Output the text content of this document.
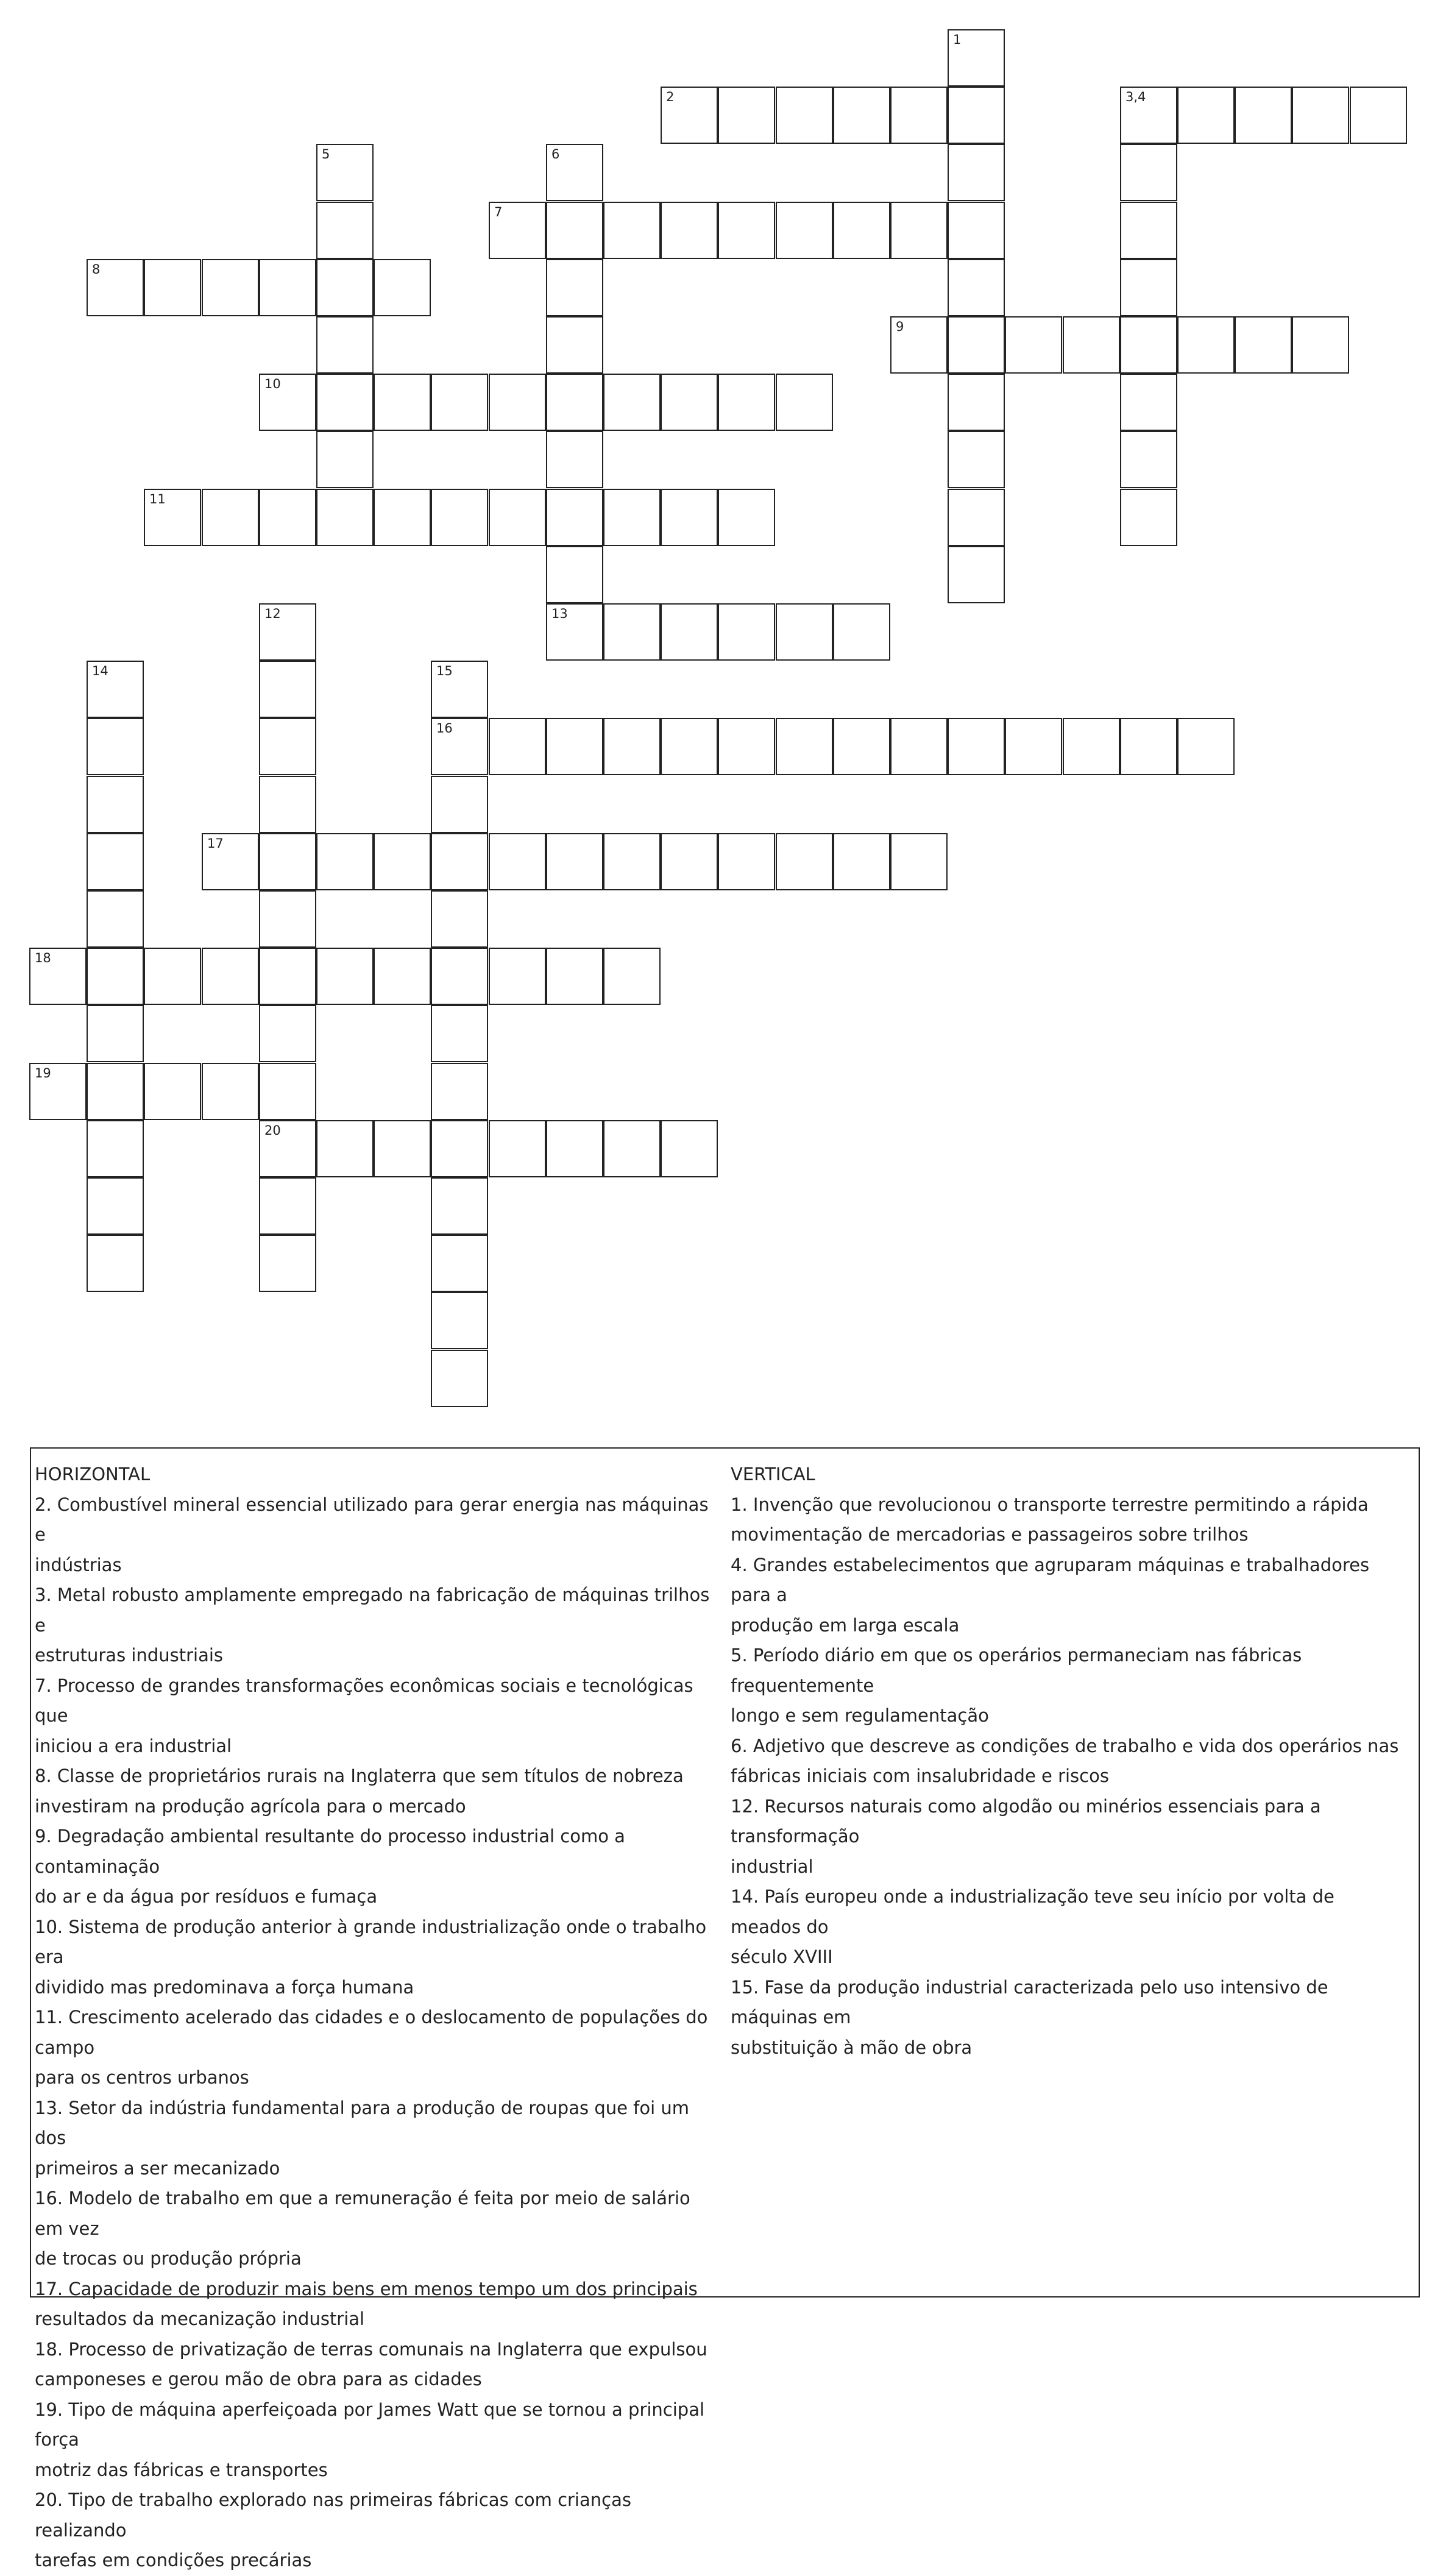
1
2	3,4
5	6
13
7
8
9
10
11
12
20
14	15
16
17
18
19
HORIZONTAL
2. Combustível mineral essencial utilizado para gerar energia nas máquinas e
indústrias
3. Metal robusto amplamente empregado na fabricação de máquinas trilhos e
estruturas industriais
7. Processo de grandes transformações econômicas sociais e tecnológicas que
iniciou a era industrial
8. Classe de proprietários rurais na Inglaterra que sem títulos de nobreza
investiram na produção agrícola para o mercado
9. Degradação ambiental resultante do processo industrial como a contaminação
do ar e da água por resíduos e fumaça
10. Sistema de produção anterior à grande industrialização onde o trabalho era
dividido mas predominava a força humana
11. Crescimento acelerado das cidades e o deslocamento de populações do campo
para os centros urbanos
13. Setor da indústria fundamental para a produção de roupas que foi um dos
primeiros a ser mecanizado
16. Modelo de trabalho em que a remuneração é feita por meio de salário em vez
de trocas ou produção própria
17. Capacidade de produzir mais bens em menos tempo um dos principais
resultados da mecanização industrial
18. Processo de privatização de terras comunais na Inglaterra que expulsou
camponeses e gerou mão de obra para as cidades
19. Tipo de máquina aperfeiçoada por James Watt que se tornou a principal força
motriz das fábricas e transportes
20. Tipo de trabalho explorado nas primeiras fábricas com crianças realizando
tarefas em condições precárias
VERTICAL
1. Invenção que revolucionou o transporte terrestre permitindo a rápida
movimentação de mercadorias e passageiros sobre trilhos
4. Grandes estabelecimentos que agruparam máquinas e trabalhadores para a
produção em larga escala
5. Período diário em que os operários permaneciam nas fábricas frequentemente
longo e sem regulamentação
6. Adjetivo que descreve as condições de trabalho e vida dos operários nas
fábricas iniciais com insalubridade e riscos
12. Recursos naturais como algodão ou minérios essenciais para a transformação
industrial
14. País europeu onde a industrialização teve seu início por volta de meados do
século XVIII
15. Fase da produção industrial caracterizada pelo uso intensivo de máquinas em
substituição à mão de obra
